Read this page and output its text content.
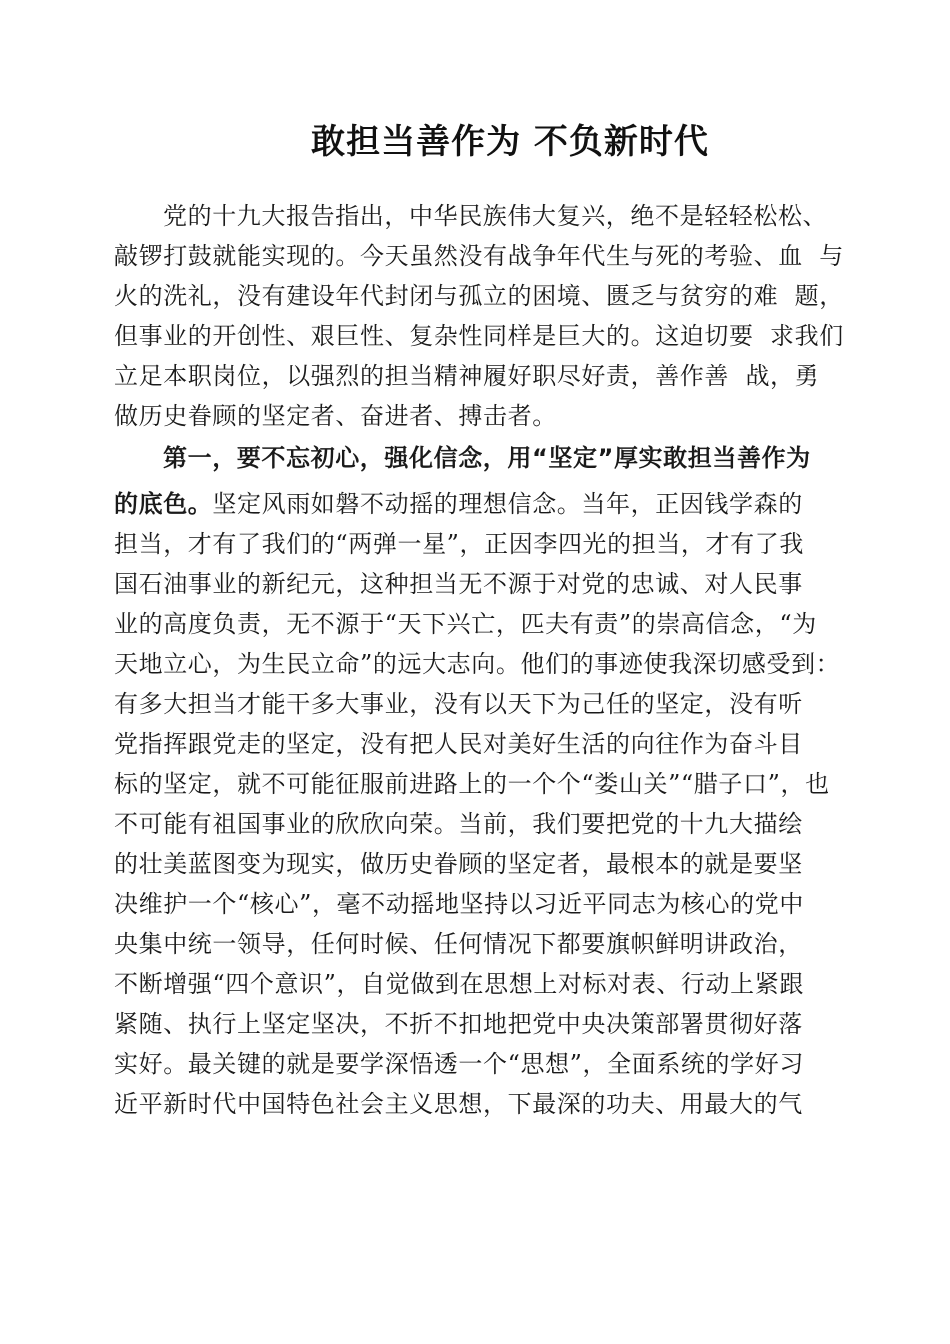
敢担当善作为 不负新时代
党的十九大报告指出，中华民族伟大复兴，绝不是轻轻松松、
敲锣打鼓就能实现的。今天虽然没有战争年代生与死的考验、血  与
火的洗礼，没有建设年代封闭与孤立的困境、匮乏与贫穷的难  题，
但事业的开创性、艰巨性、复杂性同样是巨大的。这迫切要  求我们
立足本职岗位，以强烈的担当精神履好职尽好责，善作善  战，勇
做历史眷顾的坚定者、奋进者、搏击者。
第一，要不忘初心，强化信念，用“坚定”厚实敢担当善作为
的底色。坚定风雨如磐不动摇的理想信念。当年，正因钱学森的
担当，才有了我们的“两弹一星”，正因李四光的担当，才有了我
国石油事业的新纪元，这种担当无不源于对党的忠诚、对人民事
业的高度负责，无不源于“天下兴亡，匹夫有责”的崇高信念，“为
天地立心，为生民立命”的远大志向。他们的事迹使我深切感受到：
有多大担当才能干多大事业，没有以天下为己任的坚定，没有听
党指挥跟党走的坚定，没有把人民对美好生活的向往作为奋斗目
标的坚定，就不可能征服前进路上的一个个“娄山关”“腊子口”，也
不可能有祖国事业的欣欣向荣。当前，我们要把党的十九大描绘
的壮美蓝图变为现实，做历史眷顾的坚定者，最根本的就是要坚
决维护一个“核心”，毫不动摇地坚持以习近平同志为核心的党中
央集中统一领导，任何时候、任何情况下都要旗帜鲜明讲政治，
不断增强“四个意识”，自觉做到在思想上对标对表、行动上紧跟
紧随、执行上坚定坚决，不折不扣地把党中央决策部署贯彻好落
实好。最关键的就是要学深悟透一个“思想”，全面系统的学好习
近平新时代中国特色社会主义思想，下最深的功夫、用最大的气
